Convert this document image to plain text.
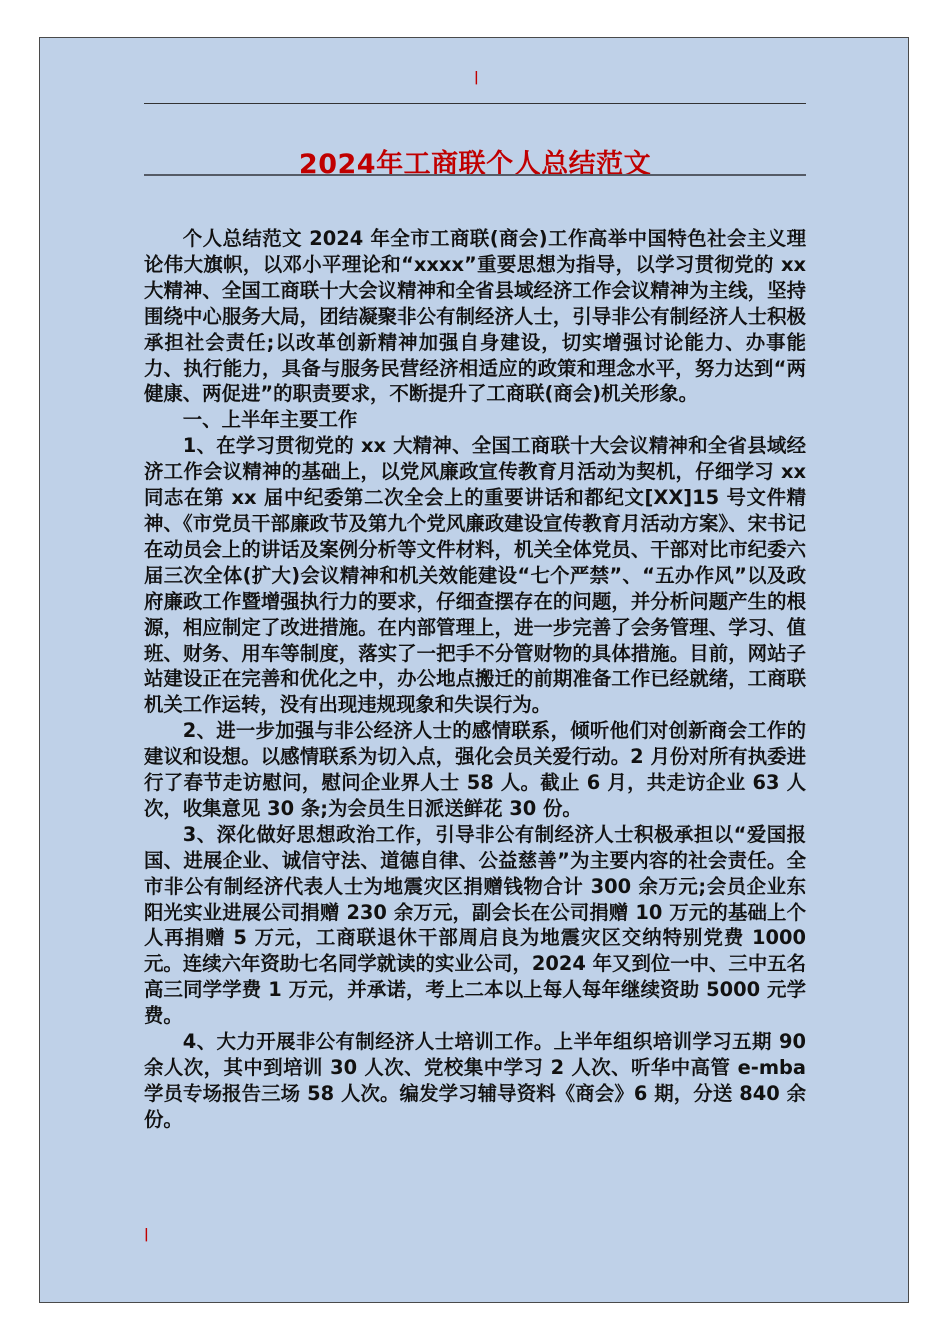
|
2024年工商联个人总结范文

个人总结范文 2024 年全市工商联(商会)工作高举中国特色社会主义理论伟大旗帜，以邓小平理论和“xxxx”重要思想为指导，以学习贯彻党的 xx 大精神、全国工商联十大会议精神和全省县域经济工作会议精神为主线，坚持围绕中心服务大局，团结凝聚非公有制经济人士，引导非公有制经济人士积极承担社会责任;以改革创新精神加强自身建设，切实增强讨论能力、办事能力、执行能力，具备与服务民营经济相适应的政策和理念水平，努力达到“两健康、两促进”的职责要求，不断提升了工商联(商会)机关形象。

一、上半年主要工作

1、在学习贯彻党的 xx 大精神、全国工商联十大会议精神和全省县域经济工作会议精神的基础上，以党风廉政宣传教育月活动为契机，仔细学习 xx 同志在第 xx 届中纪委第二次全会上的重要讲话和都纪文[XX]15 号文件精神、《市党员干部廉政节及第九个党风廉政建设宣传教育月活动方案》、宋书记在动员会上的讲话及案例分析等文件材料，机关全体党员、干部对比市纪委六届三次全体(扩大)会议精神和机关效能建设“七个严禁”、“五办作风”以及政府廉政工作暨增强执行力的要求，仔细查摆存在的问题，并分析问题产生的根源，相应制定了改进措施。在内部管理上，进一步完善了会务管理、学习、值班、财务、用车等制度，落实了一把手不分管财物的具体措施。目前，网站子站建设正在完善和优化之中，办公地点搬迁的前期准备工作已经就绪，工商联机关工作运转，没有出现违规现象和失误行为。

2、进一步加强与非公经济人士的感情联系，倾听他们对创新商会工作的建议和设想。以感情联系为切入点，强化会员关爱行动。2 月份对所有执委进行了春节走访慰问，慰问企业界人士 58 人。截止 6 月，共走访企业 63 人次，收集意见 30 条;为会员生日派送鲜花 30 份。

3、深化做好思想政治工作，引导非公有制经济人士积极承担以“爱国报国、进展企业、诚信守法、道德自律、公益慈善”为主要内容的社会责任。全市非公有制经济代表人士为地震灾区捐赠钱物合计 300 余万元;会员企业东阳光实业进展公司捐赠 230 余万元，副会长在公司捐赠 10 万元的基础上个人再捐赠 5 万元，工商联退休干部周启良为地震灾区交纳特别党费 1000 元。连续六年资助七名同学就读的实业公司，2024 年又到位一中、三中五名高三同学学费 1 万元，并承诺，考上二本以上每人每年继续资助 5000 元学费。

4、大力开展非公有制经济人士培训工作。上半年组织培训学习五期 90 余人次，其中到培训 30 人次、党校集中学习 2 人次、听华中高管 e-mba 学员专场报告三场 58 人次。编发学习辅导资料《商会》6 期，分送 840 余份。

|
